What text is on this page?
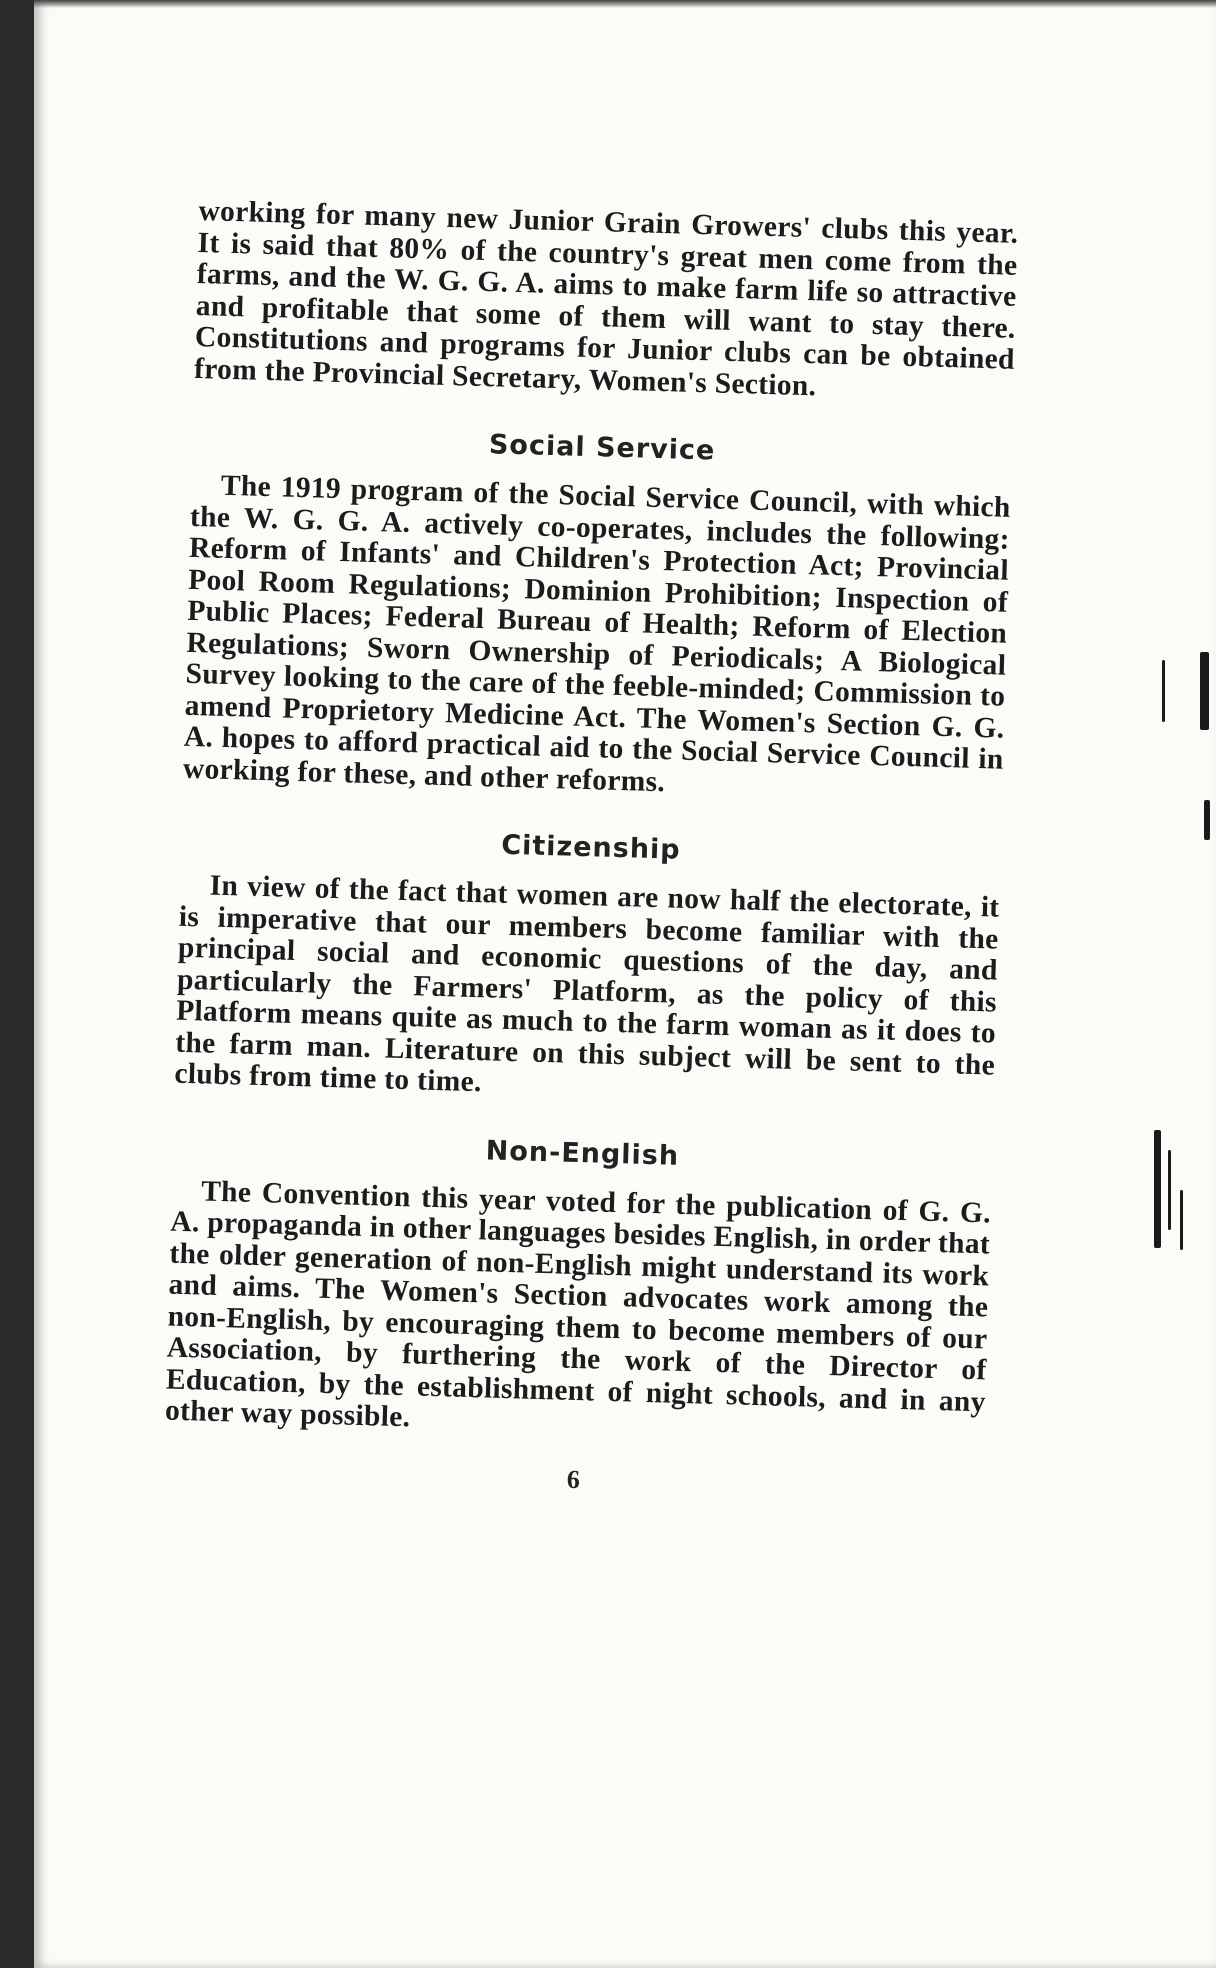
working for many new Junior Grain Growers' clubs this year. It is said that 80% of the country's great men come from the farms, and the W. G. G. A. aims to make farm life so attractive and profitable that some of them will want to stay there. Constitutions and programs for Junior clubs can be obtained from the Provincial Secretary, Women's Section.

Social Service

The 1919 program of the Social Service Council, with which the W. G. G. A. actively co-operates, includes the following: Reform of Infants' and Children's Protection Act; Provincial Pool Room Regulations; Dominion Prohibition; Inspection of Public Places; Federal Bureau of Health; Reform of Election Regulations; Sworn Ownership of Periodicals; A Biological Survey looking to the care of the feeble-minded; Commission to amend Proprietory Medicine Act. The Women's Section G. G. A. hopes to afford practical aid to the Social Service Council in working for these, and other reforms.

Citizenship

In view of the fact that women are now half the electorate, it is imperative that our members become familiar with the principal social and economic questions of the day, and particularly the Farmers' Platform, as the policy of this Platform means quite as much to the farm woman as it does to the farm man. Literature on this subject will be sent to the clubs from time to time.

Non-English

The Convention this year voted for the publication of G. G. A. propaganda in other languages besides English, in order that the older generation of non-English might understand its work and aims. The Women's Section advocates work among the non-English, by encouraging them to become members of our Association, by furthering the work of the Director of Education, by the establishment of night schools, and in any other way possible.

6
